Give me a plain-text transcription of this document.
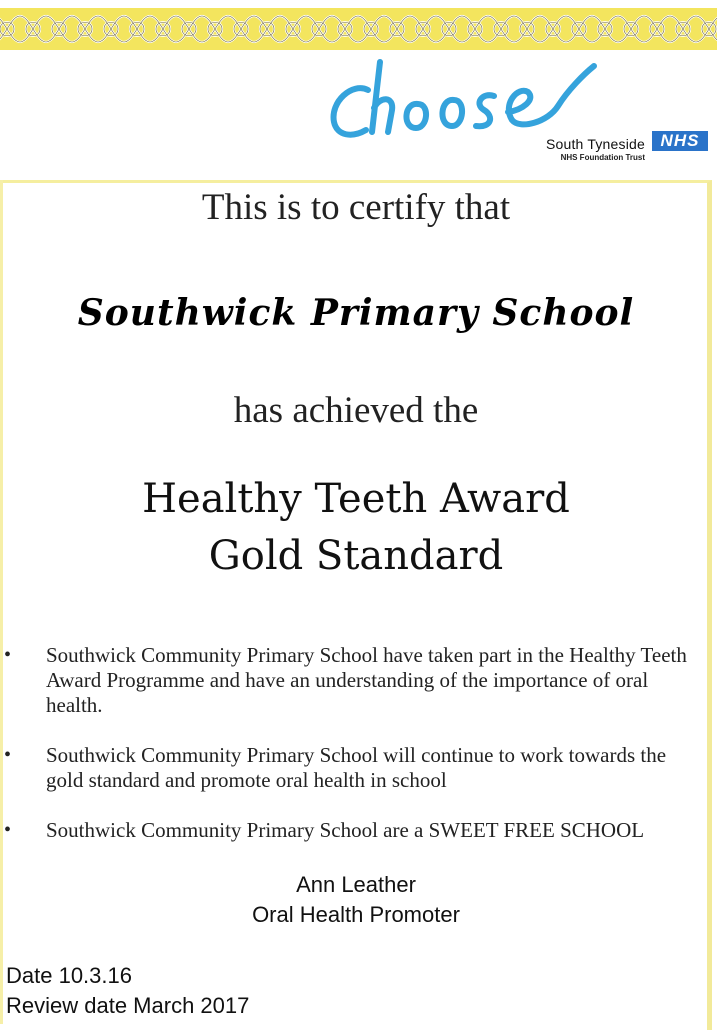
South Tyneside
NHS Foundation Trust
NHS
This is to certify that
Southwick Primary School
has achieved the
Healthy Teeth Award
Gold Standard
• Southwick Community Primary School have taken part in the Healthy Teeth Award Programme and have an understanding of the importance of oral health.
• Southwick Community Primary School will continue to work towards the gold standard and promote oral health in school
• Southwick Community Primary School are a SWEET FREE SCHOOL
Ann Leather
Oral Health Promoter
Date 10.3.16
Review date March 2017
